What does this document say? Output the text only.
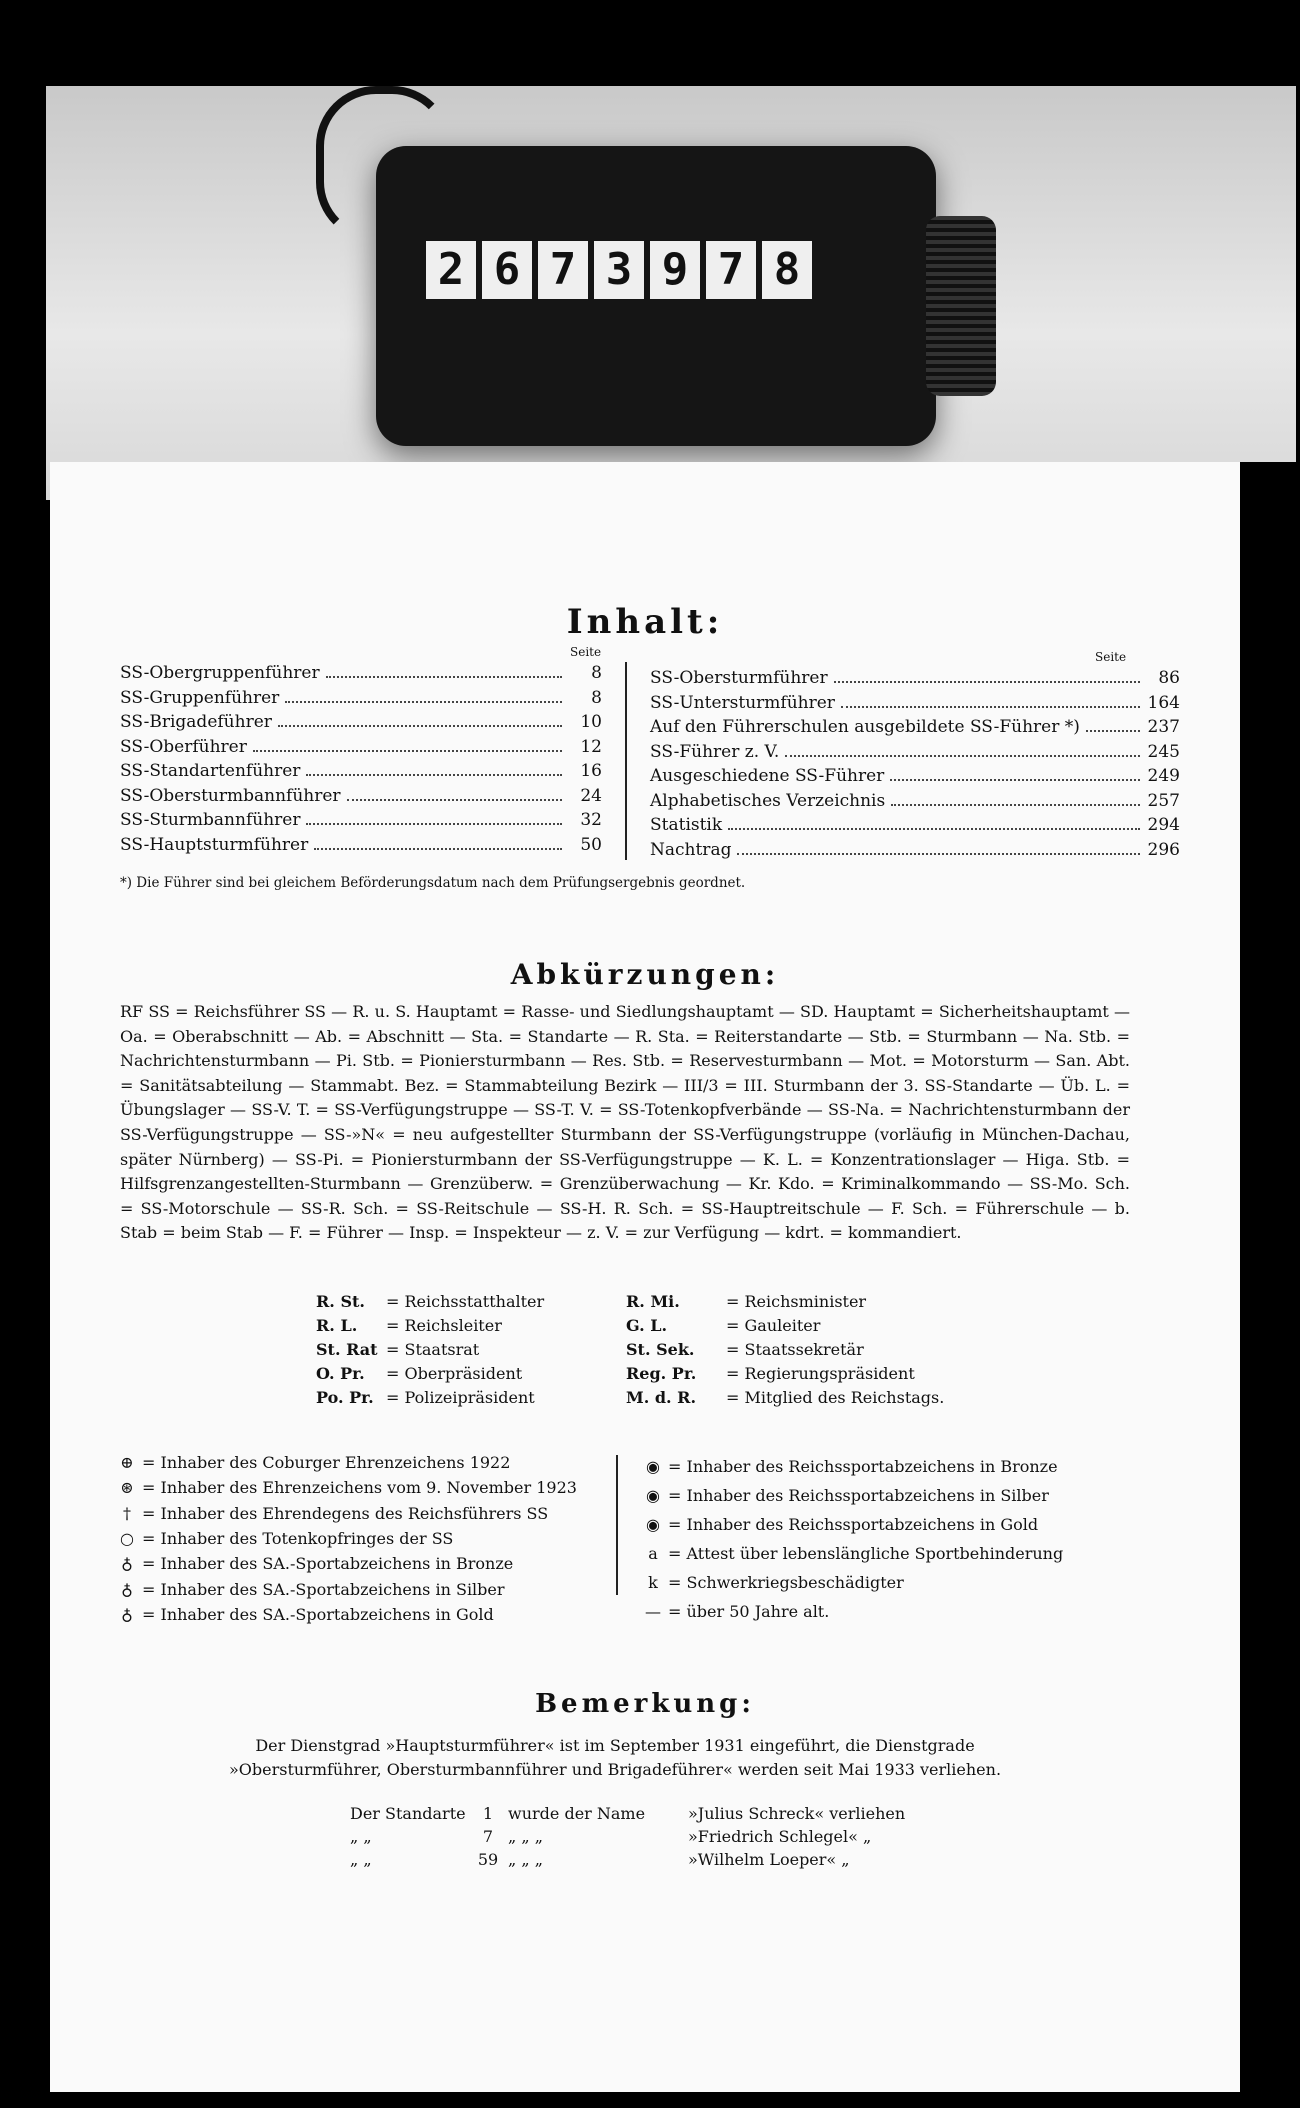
2 6 7 3 9 7 8
Inhalt:
Seite	Seite
SS-Obergruppenführer	8
SS-Gruppenführer	8
SS-Brigadeführer	10
SS-Oberführer	12
SS-Standartenführer	16
SS-Obersturmbannführer	24
SS-Sturmbannführer	32
SS-Hauptsturmführer	50
SS-Obersturmführer	86
SS-Untersturmführer	164
Auf den Führerschulen ausgebildete SS-Führer *)	237
SS-Führer z. V.	245
Ausgeschiedene SS-Führer	249
Alphabetisches Verzeichnis	257
Statistik	294
Nachtrag	296
*) Die Führer sind bei gleichem Beförderungsdatum nach dem Prüfungsergebnis geordnet.
Abkürzungen:
RF SS = Reichsführer SS — R. u. S. Hauptamt = Rasse- und Siedlungshauptamt — SD. Hauptamt = Sicherheitshauptamt — Oa. = Oberabschnitt — Ab. = Abschnitt — Sta. = Standarte — R. Sta. = Reiterstandarte — Stb. = Sturmbann — Na. Stb. = Nachrichtensturmbann — Pi. Stb. = Pioniersturmbann — Res. Stb. = Reservesturmbann — Mot. = Motorsturm — San. Abt. = Sanitätsabteilung — Stammabt. Bez. = Stammabteilung Bezirk — III/3 = III. Sturmbann der 3. SS-Standarte — Üb. L. = Übungslager — SS-V. T. = SS-Verfügungstruppe — SS-T. V. = SS-Totenkopfverbände — SS-Na. = Nachrichtensturmbann der SS-Verfügungstruppe — SS-»N« = neu aufgestellter Sturmbann der SS-Verfügungstruppe (vorläufig in München-Dachau, später Nürnberg) — SS-Pi. = Pioniersturmbann der SS-Verfügungstruppe — K. L. = Konzentrationslager — Higa. Stb. = Hilfsgrenzangestellten-Sturmbann — Grenzüberw. = Grenzüberwachung — Kr. Kdo. = Kriminalkommando — SS-Mo. Sch. = SS-Motorschule — SS-R. Sch. = SS-Reitschule — SS-H. R. Sch. = SS-Hauptreitschule — F. Sch. = Führerschule — b. Stab = beim Stab — F. = Führer — Insp. = Inspekteur — z. V. = zur Verfügung — kdrt. = kommandiert.
R. St.	= Reichsstatthalter	R. Mi.	= Reichsminister
R. L.	= Reichsleiter	G. L.	= Gauleiter
St. Rat = Staatsrat	St. Sek.	= Staatssekretär
O. Pr.	= Oberpräsident	Reg. Pr.	= Regierungspräsident
Po. Pr. = Polizeipräsident	M. d. R.	= Mitglied des Reichstags.
⊕ = Inhaber des Coburger Ehrenzeichens 1922
⊛ = Inhaber des Ehrenzeichens vom 9. November 1923
† = Inhaber des Ehrendegens des Reichsführers SS
○ = Inhaber des Totenkopfringes der SS
♁ = Inhaber des SA.-Sportabzeichens in Bronze
♁ = Inhaber des SA.-Sportabzeichens in Silber
♁ = Inhaber des SA.-Sportabzeichens in Gold
◉ = Inhaber des Reichssportabzeichens in Bronze
◉ = Inhaber des Reichssportabzeichens in Silber
◉ = Inhaber des Reichssportabzeichens in Gold
a = Attest über lebenslängliche Sportbehinderung
k = Schwerkriegsbeschädigter
— = über 50 Jahre alt.
Bemerkung:
Der Dienstgrad »Hauptsturmführer« ist im September 1931 eingeführt, die Dienstgrade »Obersturmführer, Obersturmbannführer und Brigadeführer« werden seit Mai 1933 verliehen.
Der Standarte	1 wurde der Name	»Julius Schreck« verliehen
„ „	7 „ „ „	»Friedrich Schlegel« „
„ „	59 „ „ „	»Wilhelm Loeper« „
